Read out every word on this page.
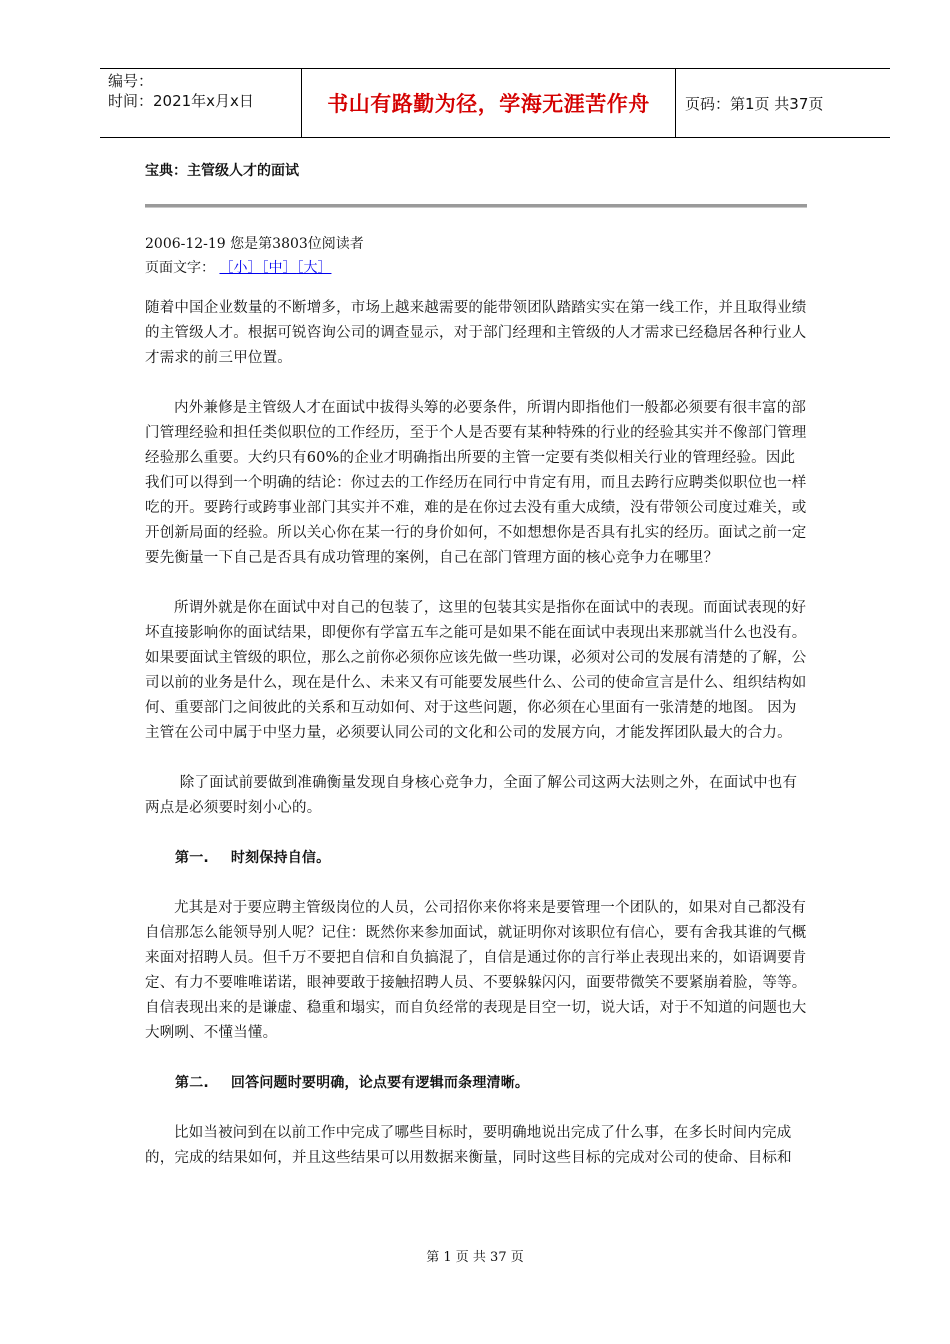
编号：
时间：2021年x月x日	书山有路勤为径，学海无涯苦作舟	页码：第1页 共37页
宝典：主管级人才的面试
2006-12-19 您是第3803位阅读者
页面文字： ［小］［中］［大］

随着中国企业数量的不断增多，市场上越来越需要的能带领团队踏踏实实在第一线工作，并且取得业绩的主管级人才。根据可锐咨询公司的调查显示，对于部门经理和主管级的人才需求已经稳居各种行业人才需求的前三甲位置。

内外兼修是主管级人才在面试中拔得头筹的必要条件，所谓内即指他们一般都必须要有很丰富的部门管理经验和担任类似职位的工作经历，至于个人是否要有某种特殊的行业的经验其实并不像部门管理经验那么重要。大约只有60%的企业才明确指出所要的主管一定要有类似相关行业的管理经验。因此我们可以得到一个明确的结论：你过去的工作经历在同行中肯定有用，而且去跨行应聘类似职位也一样吃的开。要跨行或跨事业部门其实并不难，难的是在你过去没有重大成绩，没有带领公司度过难关，或开创新局面的经验。所以关心你在某一行的身价如何，不如想想你是否具有扎实的经历。面试之前一定要先衡量一下自己是否具有成功管理的案例，自己在部门管理方面的核心竞争力在哪里？

所谓外就是你在面试中对自己的包装了，这里的包装其实是指你在面试中的表现。而面试表现的好坏直接影响你的面试结果，即便你有学富五车之能可是如果不能在面试中表现出来那就当什么也没有。如果要面试主管级的职位，那么之前你必须你应该先做一些功课，必须对公司的发展有清楚的了解，公司以前的业务是什么，现在是什么、未来又有可能要发展些什么、公司的使命宣言是什么、组织结构如何、重要部门之间彼此的关系和互动如何、对于这些问题，你必须在心里面有一张清楚的地图。 因为主管在公司中属于中坚力量，必须要认同公司的文化和公司的发展方向，才能发挥团队最大的合力。

除了面试前要做到准确衡量发现自身核心竞争力，全面了解公司这两大法则之外，在面试中也有两点是必须要时刻小心的。

第一. 时刻保持自信。

尤其是对于要应聘主管级岗位的人员，公司招你来你将来是要管理一个团队的，如果对自己都没有自信那怎么能领导别人呢？记住：既然你来参加面试，就证明你对该职位有信心，要有舍我其谁的气概来面对招聘人员。但千万不要把自信和自负搞混了，自信是通过你的言行举止表现出来的，如语调要肯定、有力不要唯唯诺诺，眼神要敢于接触招聘人员、不要躲躲闪闪，面要带微笑不要紧崩着脸，等等。自信表现出来的是谦虚、稳重和塌实，而自负经常的表现是目空一切，说大话，对于不知道的问题也大大咧咧、不懂当懂。

第二. 回答问题时要明确，论点要有逻辑而条理清晰。

比如当被问到在以前工作中完成了哪些目标时，要明确地说出完成了什么事，在多长时间内完成的，完成的结果如何，并且这些结果可以用数据来衡量，同时这些目标的完成对公司的使命、目标和

第 1 页 共 37 页
